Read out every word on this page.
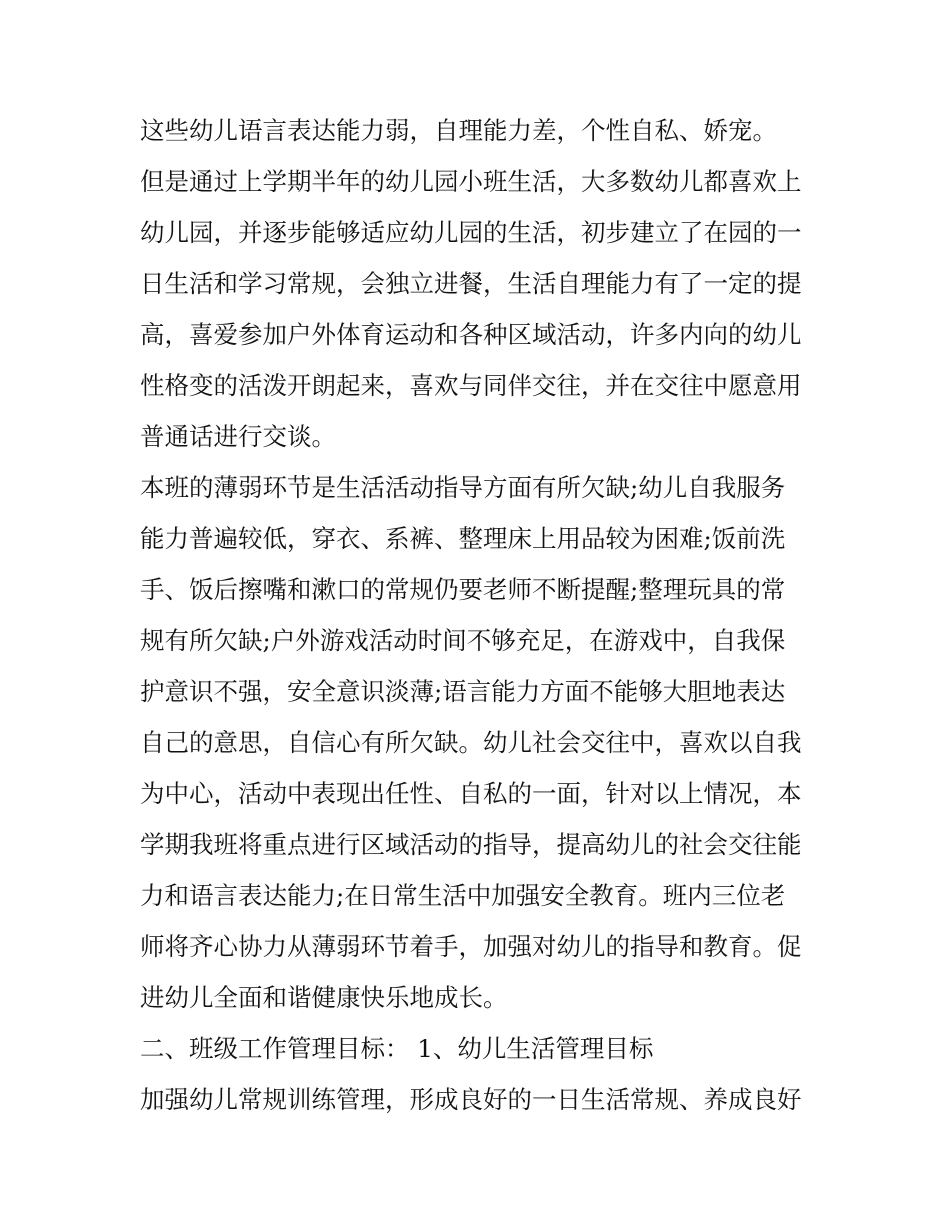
这些幼儿语言表达能力弱，自理能力差，个性自私、娇宠。
但是通过上学期半年的幼儿园小班生活，大多数幼儿都喜欢上
幼儿园，并逐步能够适应幼儿园的生活，初步建立了在园的一
日生活和学习常规，会独立进餐，生活自理能力有了一定的提
高，喜爱参加户外体育运动和各种区域活动，许多内向的幼儿
性格变的活泼开朗起来，喜欢与同伴交往，并在交往中愿意用
普通话进行交谈。
本班的薄弱环节是生活活动指导方面有所欠缺;幼儿自我服务
能力普遍较低，穿衣、系裤、整理床上用品较为困难;饭前洗
手、饭后擦嘴和漱口的常规仍要老师不断提醒;整理玩具的常
规有所欠缺;户外游戏活动时间不够充足，在游戏中，自我保
护意识不强，安全意识淡薄;语言能力方面不能够大胆地表达
自己的意思，自信心有所欠缺。幼儿社会交往中，喜欢以自我
为中心，活动中表现出任性、自私的一面，针对以上情况，本
学期我班将重点进行区域活动的指导，提高幼儿的社会交往能
力和语言表达能力;在日常生活中加强安全教育。班内三位老
师将齐心协力从薄弱环节着手，加强对幼儿的指导和教育。促
进幼儿全面和谐健康快乐地成长。
二、班级工作管理目标： 1、幼儿生活管理目标
加强幼儿常规训练管理，形成良好的一日生活常规、养成良好
